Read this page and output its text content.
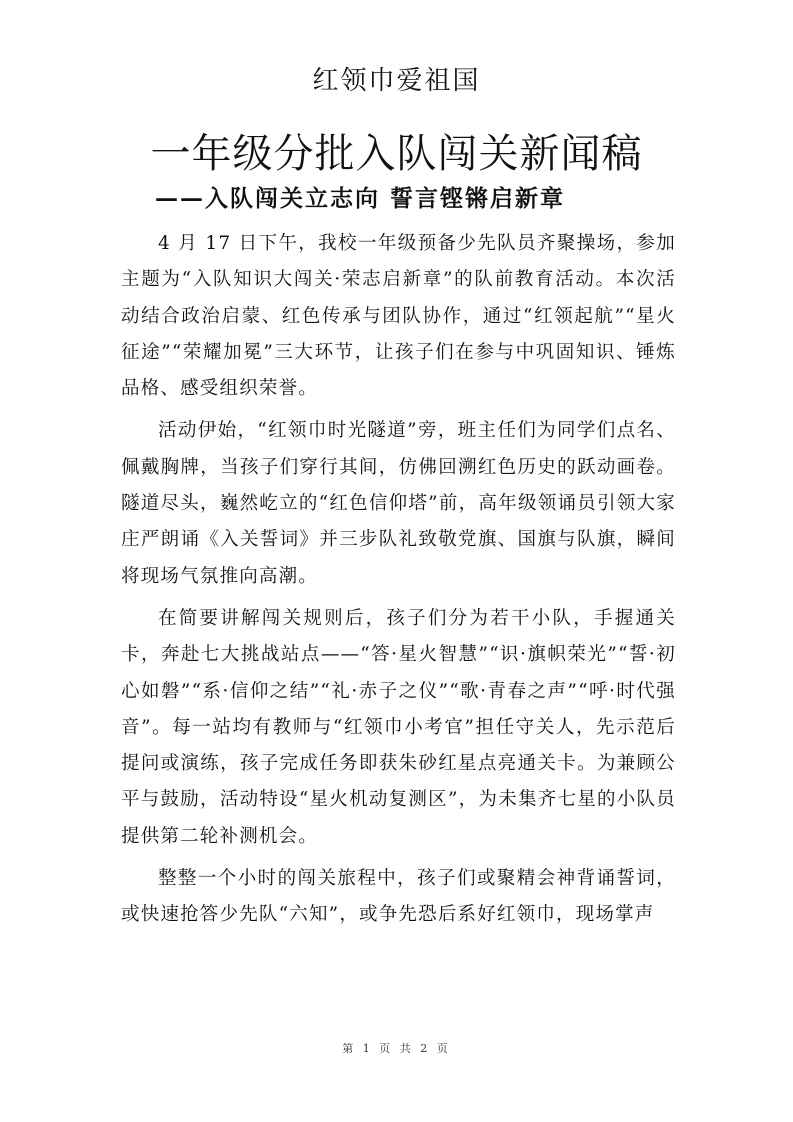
红领巾爱祖国
一年级分批入队闯关新闻稿
——入队闯关立志向 誓言铿锵启新章

4 月 17 日下午，我校一年级预备少先队员齐聚操场，参加主题为“入队知识大闯关·荣志启新章”的队前教育活动。本次活动结合政治启蒙、红色传承与团队协作，通过“红领起航”“星火征途”“荣耀加冕”三大环节，让孩子们在参与中巩固知识、锤炼品格、感受组织荣誉。

活动伊始，“红领巾时光隧道”旁，班主任们为同学们点名、佩戴胸牌，当孩子们穿行其间，仿佛回溯红色历史的跃动画卷。隧道尽头，巍然屹立的“红色信仰塔”前，高年级领诵员引领大家庄严朗诵《入关誓词》并三步队礼致敬党旗、国旗与队旗，瞬间将现场气氛推向高潮。

在简要讲解闯关规则后，孩子们分为若干小队，手握通关卡，奔赴七大挑战站点——“答·星火智慧”“识·旗帜荣光”“誓·初心如磐”“系·信仰之结”“礼·赤子之仪”“歌·青春之声”“呼·时代强音”。每一站均有教师与“红领巾小考官”担任守关人，先示范后提问或演练，孩子完成任务即获朱砂红星点亮通关卡。为兼顾公平与鼓励，活动特设“星火机动复测区”，为未集齐七星的小队员提供第二轮补测机会。

整整一个小时的闯关旅程中，孩子们或聚精会神背诵誓词，或快速抢答少先队“六知”，或争先恐后系好红领巾，现场掌声

第 1 页 共 2 页
